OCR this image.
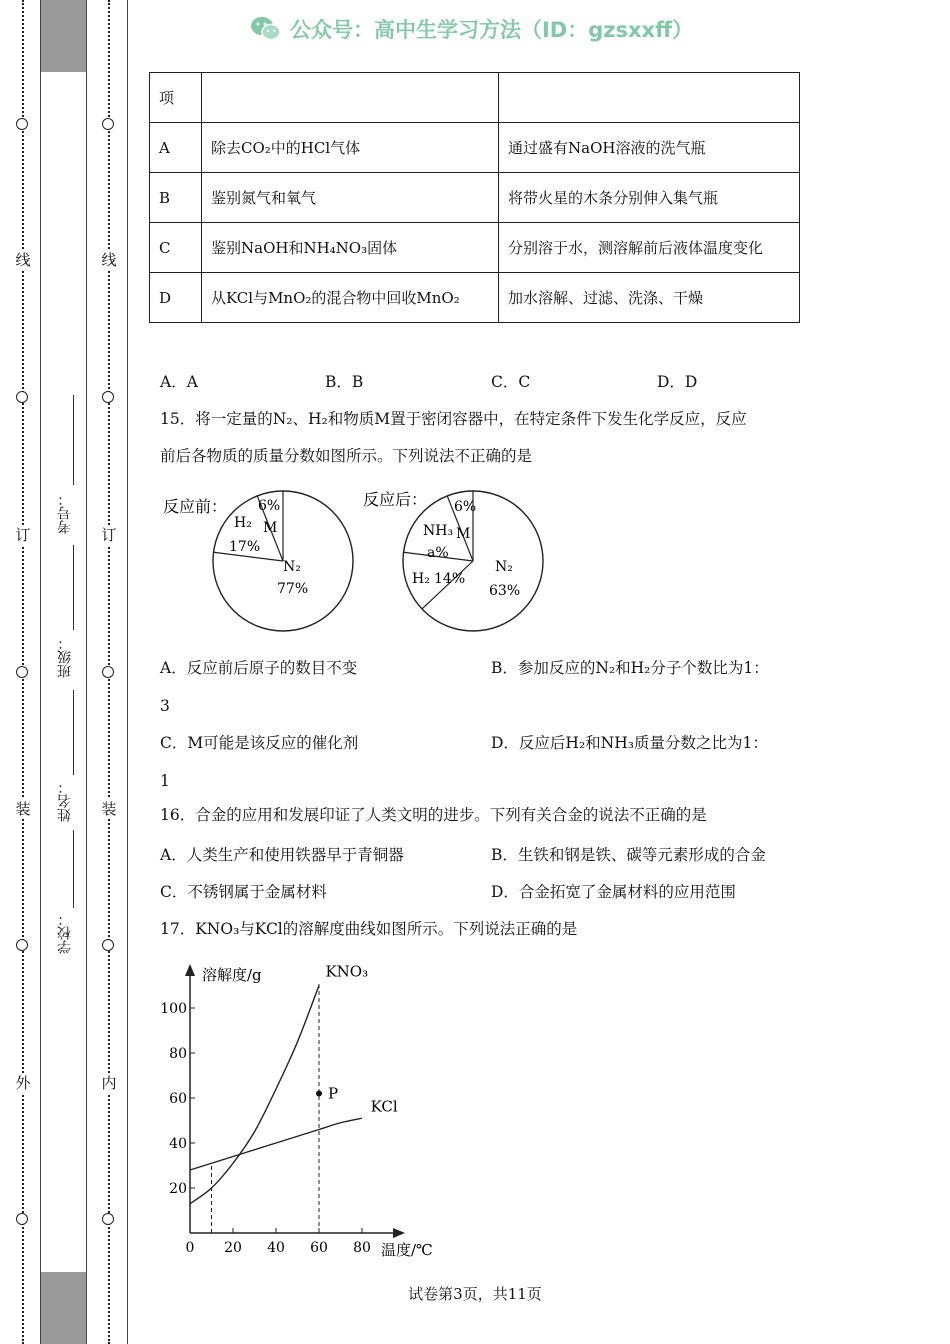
线
订
装
外
线
订
装
内
考号：
班级：
姓名：
学校：
公众号：高中生学习方法（ID：gzsxxff）
项		
A	除去CO₂中的HCl气体	通过盛有NaOH溶液的洗气瓶
B	鉴别氮气和氧气	将带火星的木条分别伸入集气瓶
C	鉴别NaOH和NH₄NO₃固体	分别溶于水，测溶解前后液体温度变化
D	从KCl与MnO₂的混合物中回收MnO₂	加水溶解、过滤、洗涤、干燥
A．A	B．B	C．C	D．D
15．将一定量的N₂、H₂和物质M置于密闭容器中，在特定条件下发生化学反应，反应
前后各物质的质量分数如图所示。下列说法不正确的是
反应前：
N₂
77%
H₂
17%
M
6%	反应后：
N₂
63%
H₂ 14%
NH₃
a%
M
6%
A．反应前后原子的数目不变	B．参加反应的N₂和H₂分子个数比为1：
3
C．M可能是该反应的催化剂	D．反应后H₂和NH₃质量分数之比为1：
1
16．合金的应用和发展印证了人类文明的进步。下列有关合金的说法不正确的是
A．人类生产和使用铁器早于青铜器	B．生铁和钢是铁、碳等元素形成的合金
C．不锈钢属于金属材料	D．合金拓宽了金属材料的应用范围
17．KNO₃与KCl的溶解度曲线如图所示。下列说法正确的是
溶解度/g
温度/℃
20
40
60
80
100
0 20 40 60 80
KNO₃
KCl
P
试卷第3页，共11页
